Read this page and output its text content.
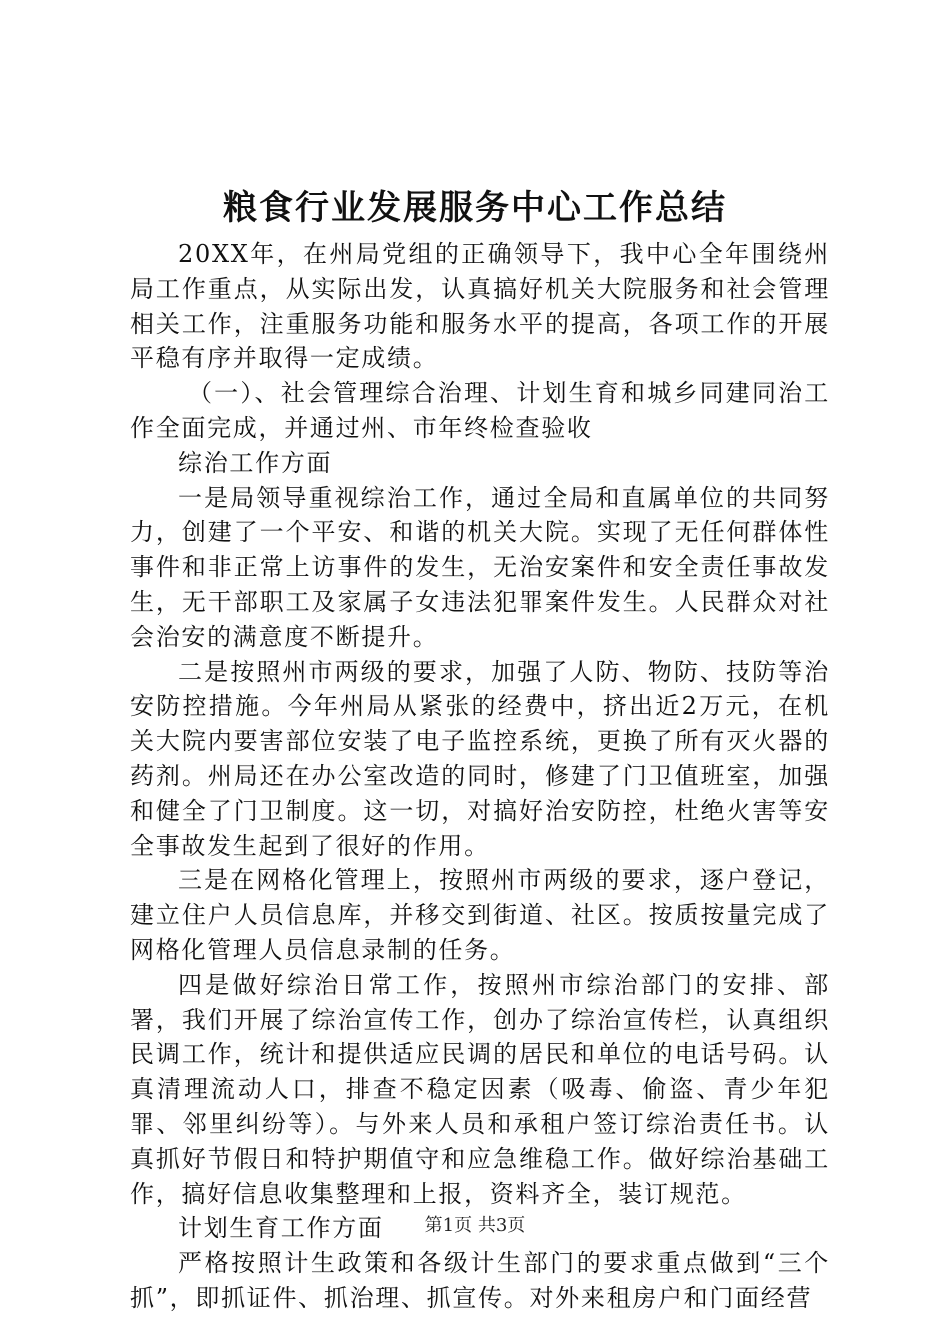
粮食行业发展服务中心工作总结

20XX年，在州局党组的正确领导下，我中心全年围绕州局工作重点，从实际出发，认真搞好机关大院服务和社会管理相关工作，注重服务功能和服务水平的提高，各项工作的开展平稳有序并取得一定成绩。

（一）、社会管理综合治理、计划生育和城乡同建同治工作全面完成，并通过州、市年终检查验收

综治工作方面

一是局领导重视综治工作，通过全局和直属单位的共同努力，创建了一个平安、和谐的机关大院。实现了无任何群体性事件和非正常上访事件的发生，无治安案件和安全责任事故发生，无干部职工及家属子女违法犯罪案件发生。人民群众对社会治安的满意度不断提升。

二是按照州市两级的要求，加强了人防、物防、技防等治安防控措施。今年州局从紧张的经费中，挤出近2万元，在机关大院内要害部位安装了电子监控系统，更换了所有灭火器的药剂。州局还在办公室改造的同时，修建了门卫值班室，加强和健全了门卫制度。这一切，对搞好治安防控，杜绝火害等安全事故发生起到了很好的作用。

三是在网格化管理上，按照州市两级的要求，逐户登记，建立住户人员信息库，并移交到街道、社区。按质按量完成了网格化管理人员信息录制的任务。

四是做好综治日常工作，按照州市综治部门的安排、部署，我们开展了综治宣传工作，创办了综治宣传栏，认真组织民调工作，统计和提供适应民调的居民和单位的电话号码。认真清理流动人口，排查不稳定因素（吸毒、偷盗、青少年犯罪、邻里纠纷等）。与外来人员和承租户签订综治责任书。认真抓好节假日和特护期值守和应急维稳工作。做好综治基础工作，搞好信息收集整理和上报，资料齐全，装订规范。

计划生育工作方面

严格按照计生政策和各级计生部门的要求重点做到“三个抓”，即抓证件、抓治理、抓宣传。对外来租房户和门面经营

第1页 共3页
